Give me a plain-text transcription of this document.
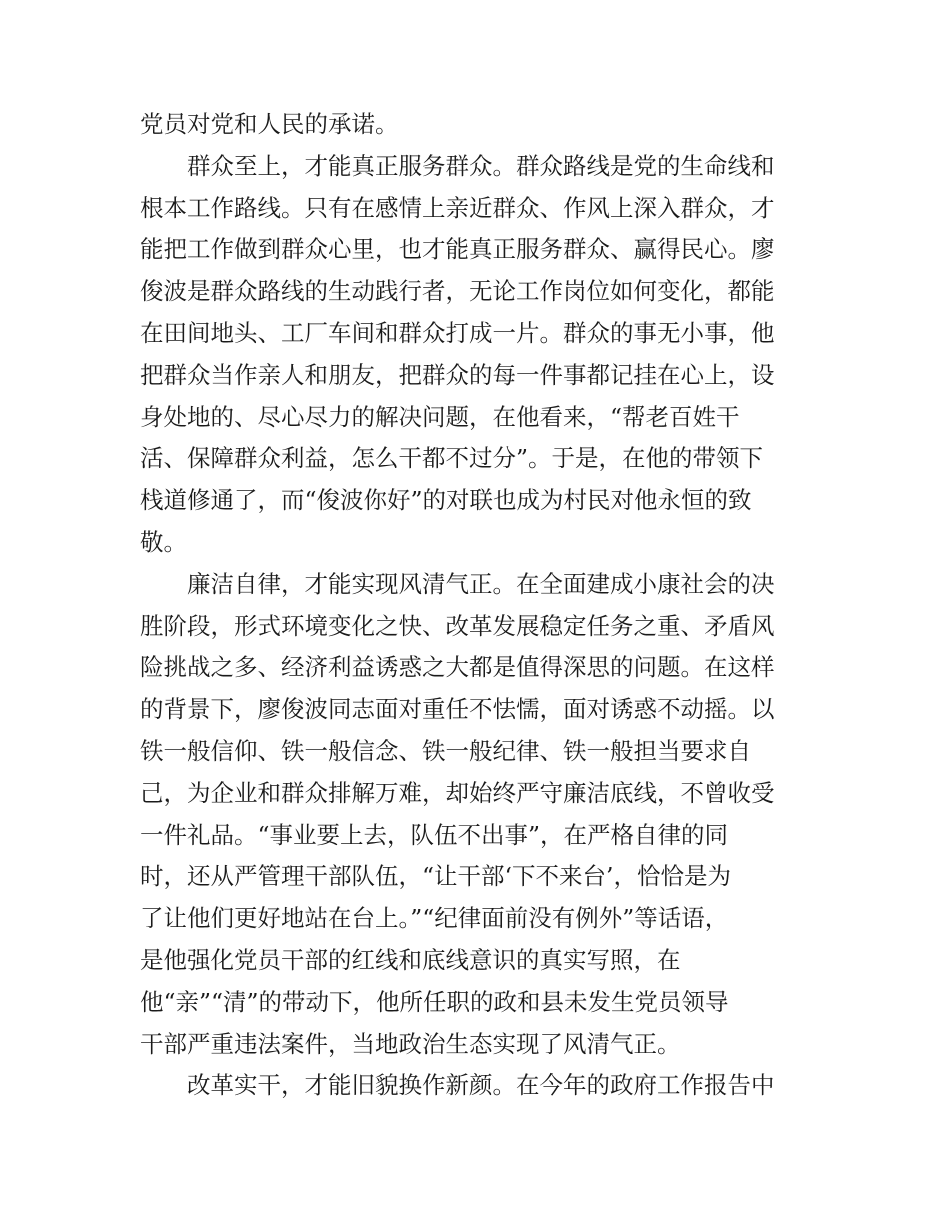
党员对党和人民的承诺。
群众至上，才能真正服务群众。群众路线是党的生命线和
根本工作路线。只有在感情上亲近群众、作风上深入群众，才
能把工作做到群众心里，也才能真正服务群众、赢得民心。廖
俊波是群众路线的生动践行者，无论工作岗位如何变化，都能
在田间地头、工厂车间和群众打成一片。群众的事无小事，他
把群众当作亲人和朋友，把群众的每一件事都记挂在心上，设
身处地的、尽心尽力的解决问题，在他看来，“帮老百姓干
活、保障群众利益，怎么干都不过分”。于是，在他的带领下
栈道修通了，而“俊波你好”的对联也成为村民对他永恒的致
敬。
廉洁自律，才能实现风清气正。在全面建成小康社会的决
胜阶段，形式环境变化之快、改革发展稳定任务之重、矛盾风
险挑战之多、经济利益诱惑之大都是值得深思的问题。在这样
的背景下，廖俊波同志面对重任不怯懦，面对诱惑不动摇。以
铁一般信仰、铁一般信念、铁一般纪律、铁一般担当要求自
己，为企业和群众排解万难，却始终严守廉洁底线，不曾收受
一件礼品。“事业要上去，队伍不出事”，在严格自律的同
时，还从严管理干部队伍，“让干部‘下不来台’，恰恰是为
了让他们更好地站在台上。”“纪律面前没有例外”等话语，
是他强化党员干部的红线和底线意识的真实写照，在
他“亲”“清”的带动下，他所任职的政和县未发生党员领导
干部严重违法案件，当地政治生态实现了风清气正。
改革实干，才能旧貌换作新颜。在今年的政府工作报告中
